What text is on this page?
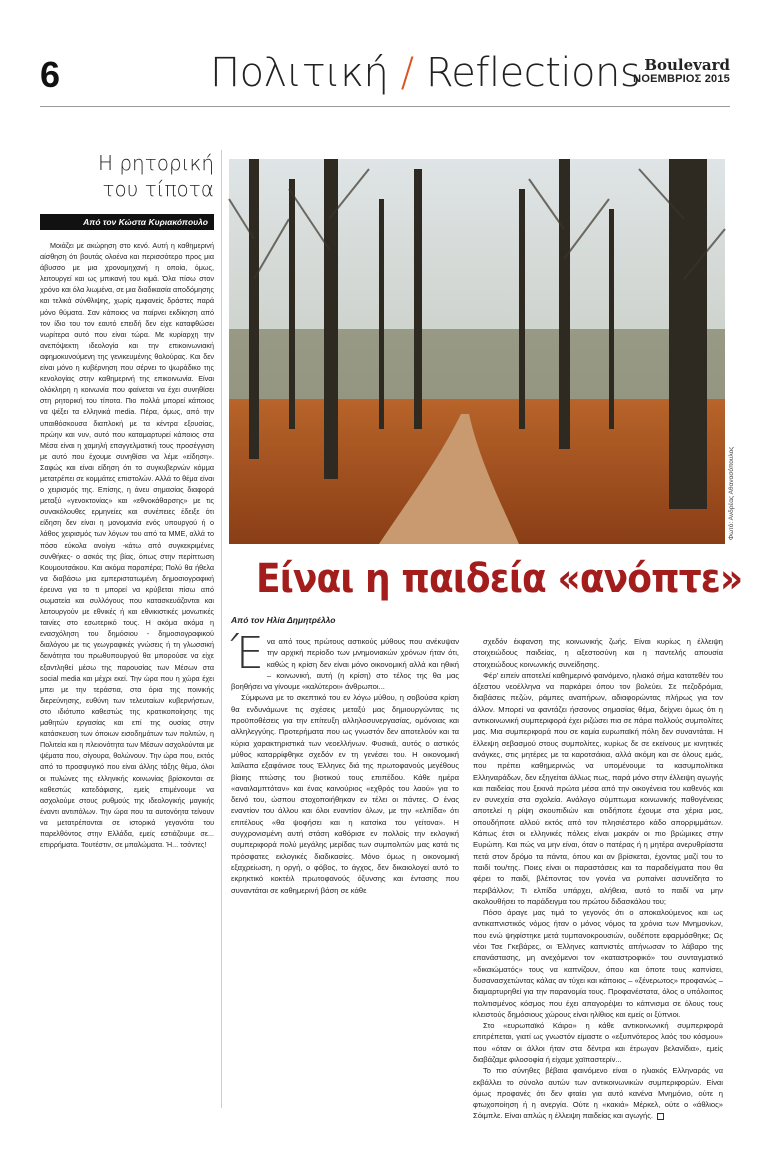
6	Πολιτική / Reflections Boulevard
ΝΟΕΜΒΡΙΟΣ 2015
Η ρητορική
του τίποτα
Από τον Κώστα Κυριακόπουλο
Μοιάζει με ακώρηση στο κενό. Αυτή η καθημερινή αίσθηση ότι βουτάς ολοένα και περισσότερο προς μια άβυσσο με μια χρονομηχανή η οποία, όμως, λειτουργεί και ως μπικανή του κιμά. Όλα πίσω στον χρόνο και όλα λιωμένα, σε μια διαδικασία αποδόμησης και τελικά σύνθλιψης, χωρίς εμφανείς δράστες παρά μόνο θύματα. Σαν κάποιος να παίρνει εκδίκηση από τον ίδιο του τον εαυτό επειδή δεν είχε καταφθώσει νωρίτερα αυτό που είναι τώρα. Με κυρίαρχη την ανεπόψεκτη ιδεολογία και την επικοινωνιακή αφημοκυνούμενη της γενικευμένης θολούρας. Και δεν είναι μόνο η κυβέρνηση που σέρνει το ψωράδικο της κενολογίας στην καθημερινή της επικοινωνία. Είναι ολόκληρη η κοινωνία που φαίνεται να έχει συνηθίσει στη ρητορική του τίποτα. Πιο πολλά μπορεί κάποιος να ψέξει τα ελληνικά media. Πέρα, όμως, από την υπαιθόσκουσα διαπλοκή με τα κέντρα εξουσίας, πρώην και νυν, αυτό που καταμαρτυρεί κάποιος στα Μέσα είναι η χαμηλή επαγγελματική τους προσέγγιση με αυτό που έχουμε συνηθίσει να λέμε «είδηση». Σαφώς και είναι είδηση ότι το συγκυβερνών κόμμα μετατρέπει σε κομμάτες επιστολών. Αλλά το θέμα είναι ο χειρισμός της. Επίσης, η άνευ σημασίας διαφορά μεταξύ «γενοκτονίας» και «εθνοκάθαρσης» με τις συνακόλουθες ερμηνείες και συνέπειες έδειξε ότι είδηση δεν είναι η μονομανία ενός υπουργού ή ο λάθος χειρισμός των λόγων του από τα ΜΜΕ, αλλά το πόσο εύκολα ανοίγει -κάτω από συγκεκριμένες συνθήκες- ο ασκός της βίας, όπως στην περίπτωση Κουμουτσάκου. Και ακόμα παραπέρα; Πολύ θα ήθελα να διαβάσω μια εμπεριστατωμένη δημοσιογραφική έρευνα για το τι μπορεί να κρύβεται πίσω από σωματεία και συλλόγους που κατασκευάζονται και λειτουργούν με εθνικές ή και εθνικιστικές μονωτικές ταινίες στο εσωτερικό τους. Η ακόμα ακόμα η ενασχόληση του δημόσιου - δημοσιογραφικού διαλόγου με τις γεωγραφικές γνώσεις ή τη γλωσσική δεινότητα του πρωθυπουργού θα μπορούσε να είχε εξαντληθεί μέσω της παρουσίας των Μέσων στα social media και μέχρι εκεί. Την ώρα που η χώρα έχει μπει με την τεράστια, στα όρια της ποινικής διερεύνησης, ευθύνη των τελευταίων κυβερνήσεων, στο ιδιότυπο καθεστώς της κρατικοποίησης της μαθητών εργασίας και επί της ουσίας στην κατάσκευση των όποιων εισοδημάτων των πολιτών, η Πολιτεία και η πλειονότητα των Μέσων ασχολούνται με ψέματα που, σίγουρα, θολώνουν. Την ώρα που, εκτός από το προσφυγικό που είναι άλλης τάξης θέμα, όλοι οι πυλώνες της ελληνικής κοινωνίας βρίσκονται σε καθεστώς κατεδάφισης, εμείς επιμένουμε να ασχολούμε στους ρυθμούς της ιδεολογικής μαγικής έναντι αντιπάλων. Την ώρα που τα αυτονόητα τείνουν να μετατρέπονται σε ιστορικά γεγονότα του παρελθόντος στην Ελλάδα, εμείς εστιάζουμε σε... επιρρήματα. Τουτέστιν, σε μπαλώματα. Ή... τσόντες!
Φωτό: Ανδρέας Αθανασόπουλος
Είναι η παιδεία «ανόπτε»
Από τον Ηλία Δημητρέλλο

Ένα από τους πρώτους αστικούς μύθους που ανέκυψαν την αρχική περίοδο των μνημονιακών χρόνων ήταν ότι, καθώς η κρίση δεν είναι μόνο οικονομική αλλά και ηθική – κοινωνική, αυτή (η κρίση) στο τέλος της θα μας βοηθήσει να γίνουμε «καλύτεροι» άνθρωποι...

Σύμφωνα με το σκεπτικό του εν λόγω μύθου, η σοβούσα κρίση θα ενδυνάμωνε τις σχέσεις μεταξύ μας δημιουργώντας τις προϋποθέσεις για την επίτευξη αλληλοσυνεργασίας, ομόνοιας και αλληλεγγύης. Προτερήματα που ως γνωστόν δεν αποτελούν και τα κύρια χαρακτηριστικά των νεοελλήνων. Φυσικά, αυτός ο αστικός μύθος καταρρίφθηκε σχεδόν εν τη γενέσει του. Η οικονομική λαίλαπα εξαφάνισε τους Έλληνες διά της πρωτοφανούς μεγέθους βίαιης πτώσης του βιοτικού τους επιπέδου. Κάθε ημέρα «αναιλαμπτόταν» και ένας καινούριος «εχθρός του λαού» για το δεινό του, ώσπου στοχοποιήθηκαν εν τέλει οι πάντες. Ο ένας εναντίον του άλλου και όλοι εναντίον όλων, με την «ελπίδα» ότι επιτέλους «θα ψοφήσει και η κατσίκα του γείτονα». Η συγχρονισμένη αυτή στάση καθόρισε εν πολλοίς την εκλογική συμπεριφορά πολύ μεγάλης μερίδας των συμπολιτών μας κατά τις πρόσφατες εκλογικές διαδικασίες. Μόνο όμως η οικονομική εξαχρείωση, η οργή, ο φόβος, το άγχος, δεν δικαιολογεί αυτό το εκρηκτικό κοκτέιλ πρωτοφανούς όξυνσης και έντασης που συναντάται σε καθημερινή βάση σε κάθε

σχεδόν έκφανση της κοινωνικής ζωής. Είναι κυρίως η έλλειψη στοιχειώδους παιδείας, η αξεστοσύνη και η παντελής απουσία στοιχειώδους κοινωνικής συνείδησης.

Φέρ' ειπείν αποτελεί καθημερινό φαινόμενο, ηλιακό σήμα κατατεθέν του άξεστου νεοέλληνα να παρκάρει όπου τον βολεύει. Σε πεζοδρόμια, διαβάσεις πεζών, ράμπες αναπήρων, αδιαφορώντας πλήρως για τον άλλον. Μπορεί να φαντάζει ήσσονος σημασίας θέμα, δείχνει όμως ότι η αντικοινωνική συμπεριφορά έχει ριζώσει πια σε πάρα πολλούς συμπολίτες μας. Μια συμπεριφορά που σε καμία ευρωπαϊκή πόλη δεν συναντάται. Η έλλειψη σεβασμού στους συμπολίτες, κυρίως δε σε εκείνους με κινητικές ανάγκες, στις μητέρες με τα καροτσάκια, αλλά ακόμη και σε όλους εμάς, που πρέπει καθημερινώς να υπομένουμε τα κασυμπολίτικα Ελληναράδων, δεν εξηγείται άλλως πως, παρά μόνο στην έλλειψη αγωγής και παιδείας που ξεκινά πρώτα μέσα από την οικογένεια του καθενός και εν συνεχεία στα σχολεία. Ανάλογο σύμπτωμα κοινωνικής παθογένειας αποτελεί η ρίψη σκουπιδιών και οτιδήποτε έχουμε στα χέρια μας, οπουδήποτε αλλού εκτός από τον πλησιέστερο κάδο απορριμμάτων. Κάπως έτσι οι ελληνικές πόλεις είναι μακράν οι πιο βρώμικες στην Ευρώπη. Και πώς να μην είναι, όταν ο πατέρας ή η μητέρα ανερυθρίαστα πετά στον δρόμο τα πάντα, όπου και αν βρίσκεται, έχοντας μαζί του το παιδί του/της. Ποιες είναι οι παραστάσεις και τα παραδείγματα που θα φέρει το παιδί, βλέποντας τον γονέα να ρυπαίνει ασυνείδητα το περιβάλλον; Τι ελπίδα υπάρχει, αλήθεια, αυτό το παιδί να μην ακολουθήσει το παράδειγμα του πρώτου διδασκάλου του;

Πόσο άραγε μας τιμά το γεγονός ότι ο αποκαλούμενος και ως αντικαπνιστικός νόμος ήταν ο μόνος νόμος τα χρόνια των Μνημονίων, που ενώ ψηφίστηκε μετά τυμπανοκρουσιών, ουδέποτε εφαρμόσθηκε; Ως νέοι Τσε Γκεβάρες, οι Έλληνες καπνιστές απήνωσαν το λάβαρο της επανάστασης, μη ανεχόμενοι τον «καταστροφικό» του συνταγματικό «δικαιώματός» τους να καπνίζουν, όπου και όποτε τους καπνίσει, δυσανασχετώντας κάλας αν τύχει και κάποιος – «ξένερωτος» προφανώς – διαμαρτυρηθεί για την παρανομία τους. Προφανέστατα, όλος ο υπόλοιπος πολιτισμένος κόσμος που έχει απαγορέψει το κάπνισμα σε όλους τους κλειστούς δημόσιους χώρους είναι ηλίθιος και εμείς οι ξύπνιοι.

Στο «ευρωπαϊκό Κάιρο» η κάθε αντικοινωνική συμπεριφορά επιτρέπεται, γιατί ως γνωστόν είμαστε ο «εξυπνότερος λαός του κόσμου» που «όταν οι άλλοι ήταν στα δέντρα και έτρωγαν βελανίδια», εμείς διαβάζαμε φιλοσοφία ή είχαμε χαϊπαστερίν...

Το πιο σύνηθες βέβαια φαινόμενο είναι ο ηλιακός Ελληναράς να εκβάλλει το σύνολο αυτών των αντικοινωνικών συμπεριφορών. Είναι όμως προφανές ότι δεν φταίει για αυτό κανένα Μνημόνιο, ούτε η φτωχοποίηση ή η ανεργία. Ούτε η «κακιά» Μέρκελ, ούτε ο «άθλιος» Σόιμπλε. Είναι απλώς η έλλειψη παιδείας και αγωγής.
